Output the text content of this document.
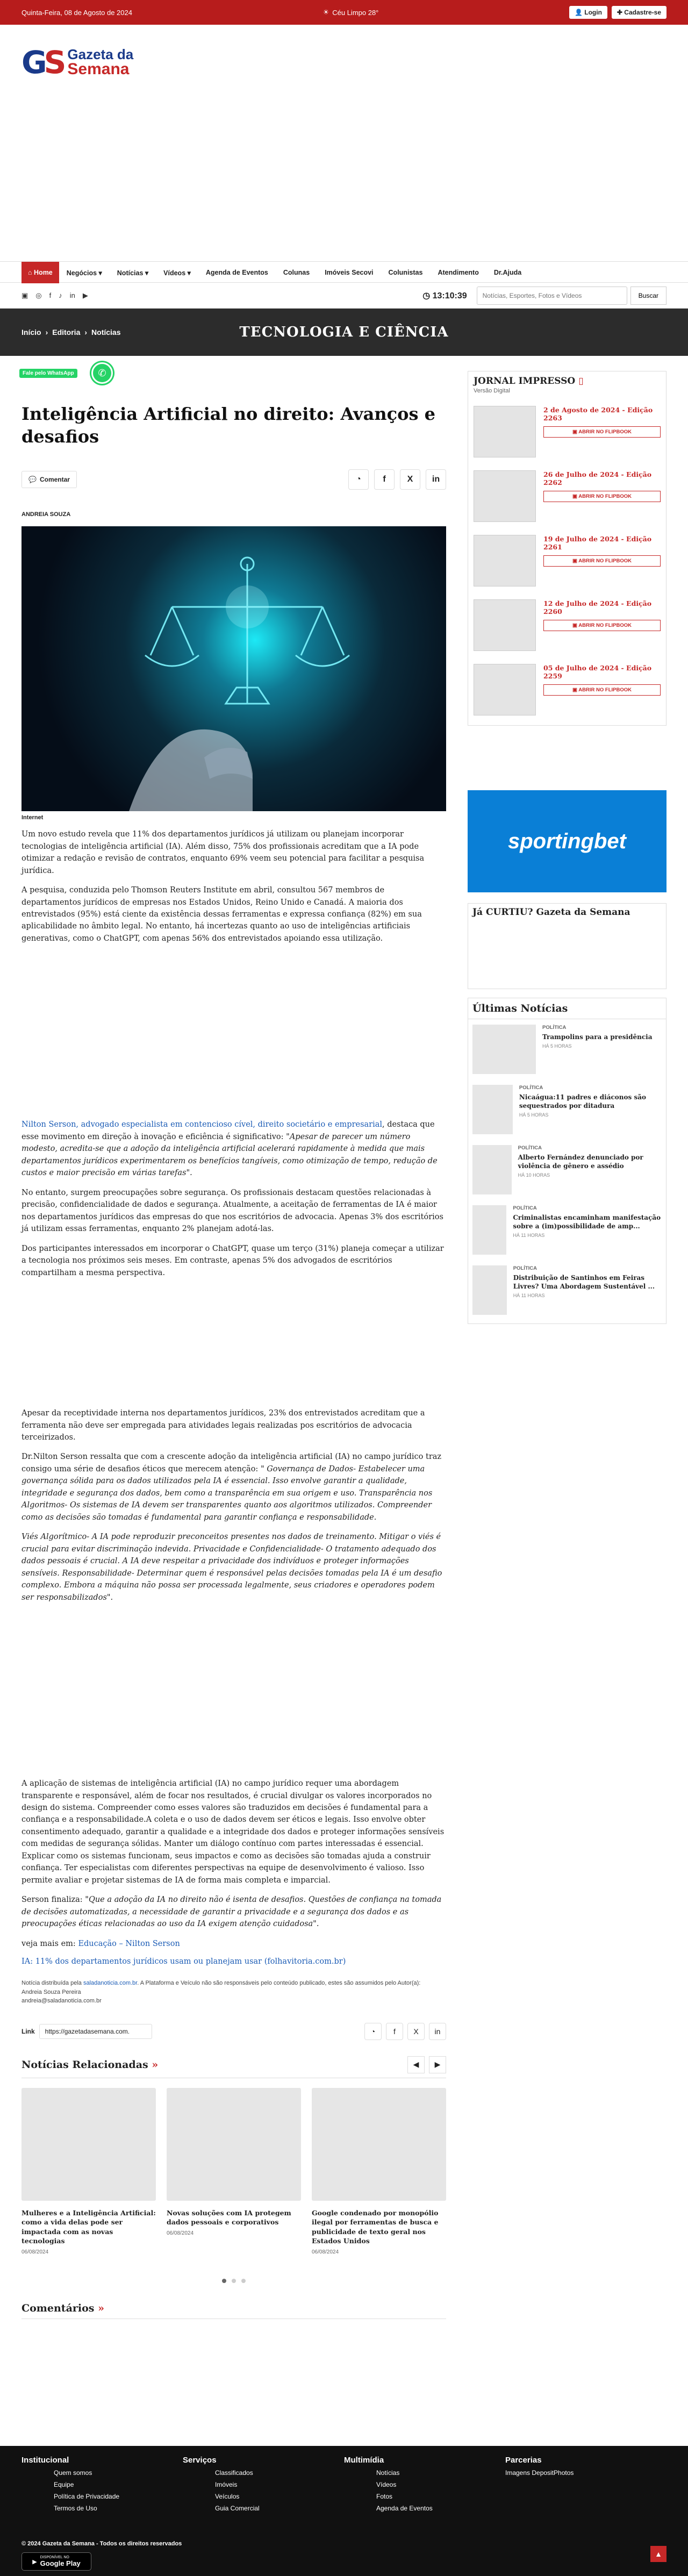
Quinta-Feira, 08 de Agosto de 2024	☀ Céu Limpo 28°	👤 Login	✚ Cadastre-se
GS Gazeta da
Semana
⌂ Home	Negócios ▾	Notícias ▾	Vídeos ▾	Agenda de Eventos	Colunas	Imóveis Secovi	Colunistas	Atendimento	Dr.Ajuda
▣ ◎ f ♪ in ▶	◷ 13:10:39
Notícias, Esportes, Fotos e Vídeos	Buscar
Início › Editoria › Notícias	TECNOLOGIA E CIÊNCIA
Fale pelo WhatsApp	✆
Inteligência Artificial no direito: Avanços e desafios
💬 Comentar	◔	f	X	in
ANDREIA SOUZA
Internet

Um novo estudo revela que 11% dos departamentos jurídicos já utilizam ou planejam incorporar tecnologias de inteligência artificial (IA). Além disso, 75% dos profissionais acreditam que a IA pode otimizar a redação e revisão de contratos, enquanto 69% veem seu potencial para facilitar a pesquisa jurídica.

A pesquisa, conduzida pelo Thomson Reuters Institute em abril, consultou 567 membros de departamentos jurídicos de empresas nos Estados Unidos, Reino Unido e Canadá. A maioria dos entrevistados (95%) está ciente da existência dessas ferramentas e expressa confiança (82%) em sua aplicabilidade no âmbito legal. No entanto, há incertezas quanto ao uso de inteligências artificiais generativas, como o ChatGPT, com apenas 56% dos entrevistados apoiando essa utilização.

Nilton Serson, advogado especialista em contencioso cível, direito societário e empresarial, destaca que esse movimento em direção à inovação e eficiência é significativo: "Apesar de parecer um número modesto, acredita-se que a adoção da inteligência artificial acelerará rapidamente à medida que mais departamentos jurídicos experimentarem os benefícios tangíveis, como otimização de tempo, redução de custos e maior precisão em várias tarefas".

No entanto, surgem preocupações sobre segurança. Os profissionais destacam questões relacionadas à precisão, confidencialidade de dados e segurança. Atualmente, a aceitação de ferramentas de IA é maior nos departamentos jurídicos das empresas do que nos escritórios de advocacia. Apenas 3% dos escritórios já utilizam essas ferramentas, enquanto 2% planejam adotá-las.

Dos participantes interessados em incorporar o ChatGPT, quase um terço (31%) planeja começar a utilizar a tecnologia nos próximos seis meses. Em contraste, apenas 5% dos advogados de escritórios compartilham a mesma perspectiva.

Apesar da receptividade interna nos departamentos jurídicos, 23% dos entrevistados acreditam que a ferramenta não deve ser empregada para atividades legais realizadas pos escritórios de advocacia terceirizados.

Dr.Nilton Serson ressalta que com a crescente adoção da inteligência artificial (IA) no campo jurídico traz consigo uma série de desafios éticos que merecem atenção: " Governança de Dados- Estabelecer uma governança sólida para os dados utilizados pela IA é essencial. Isso envolve garantir a qualidade, integridade e segurança dos dados, bem como a transparência em sua origem e uso. Transparência nos Algoritmos- Os sistemas de IA devem ser transparentes quanto aos algoritmos utilizados. Compreender como as decisões são tomadas é fundamental para garantir confiança e responsabilidade.

Viés Algorítmico- A IA pode reproduzir preconceitos presentes nos dados de treinamento. Mitigar o viés é crucial para evitar discriminação indevida. Privacidade e Confidencialidade- O tratamento adequado dos dados pessoais é crucial. A IA deve respeitar a privacidade dos indivíduos e proteger informações sensíveis. Responsabilidade- Determinar quem é responsável pelas decisões tomadas pela IA é um desafio complexo. Embora a máquina não possa ser processada legalmente, seus criadores e operadores podem ser responsabilizados".

A aplicação de sistemas de inteligência artificial (IA) no campo jurídico requer uma abordagem transparente e responsável, além de focar nos resultados, é crucial divulgar os valores incorporados no design do sistema. Compreender como esses valores são traduzidos em decisões é fundamental para a confiança e a responsabilidade.A coleta e o uso de dados devem ser éticos e legais. Isso envolve obter consentimento adequado, garantir a qualidade e a integridade dos dados e proteger informações sensíveis com medidas de segurança sólidas. Manter um diálogo contínuo com partes interessadas é essencial. Explicar como os sistemas funcionam, seus impactos e como as decisões são tomadas ajuda a construir confiança. Ter especialistas com diferentes perspectivas na equipe de desenvolvimento é valioso. Isso permite avaliar e projetar sistemas de IA de forma mais completa e imparcial.

Serson finaliza: "Que a adoção da IA no direito não é isenta de desafios. Questões de confiança na tomada de decisões automatizadas, a necessidade de garantir a privacidade e a segurança dos dados e as preocupações éticas relacionadas ao uso da IA exigem atenção cuidadosa".

veja mais em: Educação – Nilton Serson

IA: 11% dos departamentos jurídicos usam ou planejam usar (folhavitoria.com.br)
Notícia distribuída pela saladanoticia.com.br. A Plataforma e Veículo não são responsáveis pelo conteúdo publicado, estes são assumidos pelo Autor(a):
Andreia Souza Pereira
andreia@saladanoticia.com.br
Link	https://gazetadasemana.com.	◔	f	X	in
Notícias Relacionadas »	◀	▶
Mulheres e a Inteligência Artificial: como a vida delas pode ser impactada com as novas tecnologias
06/08/2024
Novas soluções com IA protegem dados pessoais e corporativos
06/08/2024
Google condenado por monopólio ilegal por ferramentas de busca e publicidade de texto geral nos Estados Unidos
06/08/2024
Comentários »
JORNAL IMPRESSO ▯
Versão Digital
2 de Agosto de 2024 - Edição 2263
▣ ABRIR NO FLIPBOOK
26 de Julho de 2024 - Edição 2262
▣ ABRIR NO FLIPBOOK
19 de Julho de 2024 - Edição 2261
▣ ABRIR NO FLIPBOOK
12 de Julho de 2024 - Edição 2260
▣ ABRIR NO FLIPBOOK
05 de Julho de 2024 - Edição 2259
▣ ABRIR NO FLIPBOOK
sportingbet
Já CURTIU? Gazeta da Semana
Últimas Notícias
POLÍTICA
Trampolins para a presidência
HÁ 5 HORAS
POLÍTICA
Nicaágua:11 padres e diáconos são sequestrados por ditadura
HÁ 5 HORAS
POLÍTICA
Alberto Fernández denunciado por violência de gênero e assédio
HÁ 10 HORAS
POLÍTICA
Criminalistas encaminham manifestação sobre a (im)possibilidade de amp...
HÁ 11 HORAS
POLÍTICA
Distribuição de Santinhos em Feiras Livres? Uma Abordagem Sustentável ...
HÁ 11 HORAS
Institucional
Quem somos
Equipe
Política de Privacidade
Termos de Uso
Serviços
Classificados
Imóveis
Veículos
Guia Comercial
Multimídia
Notícias
Vídeos
Fotos
Agenda de Eventos
Parcerias
Imagens DepositPhotos
© 2024 Gazeta da Semana - Todos os direitos reservados
▶
DISPONÍVEL NO
Google Play
▲
